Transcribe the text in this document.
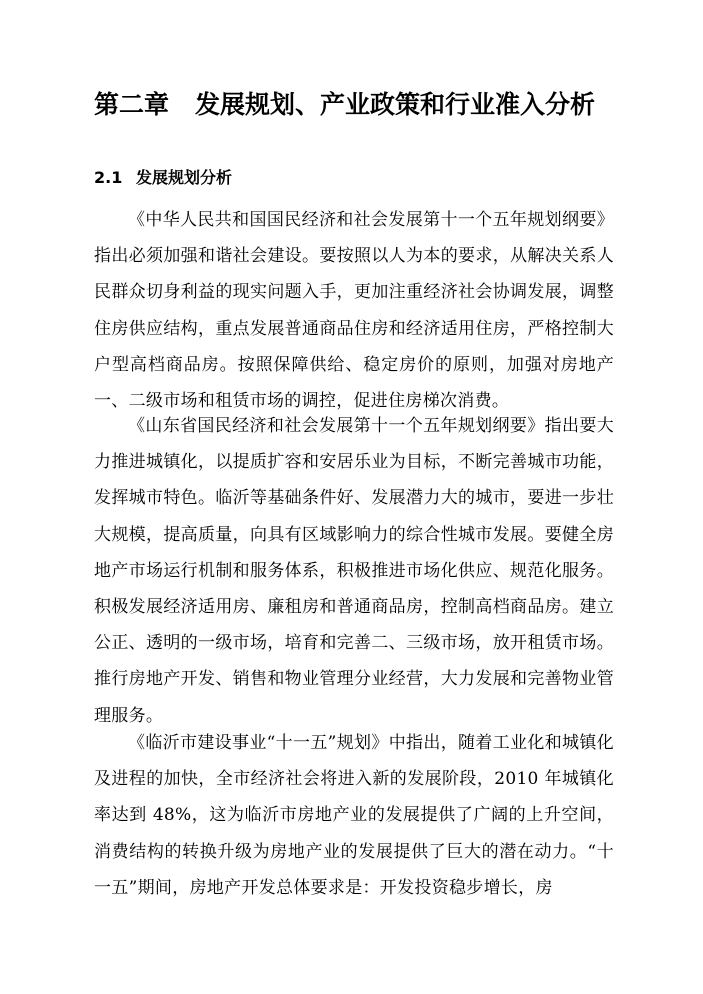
第二章 发展规划、产业政策和行业准入分析
2.1 发展规划分析

《中华人民共和国国民经济和社会发展第十一个五年规划纲要》指出必须加强和谐社会建设。要按照以人为本的要求，从解决关系人民群众切身利益的现实问题入手，更加注重经济社会协调发展，调整住房供应结构，重点发展普通商品住房和经济适用住房，严格控制大户型高档商品房。按照保障供给、稳定房价的原则，加强对房地产一、二级市场和租赁市场的调控，促进住房梯次消费。

《山东省国民经济和社会发展第十一个五年规划纲要》指出要大力推进城镇化，以提质扩容和安居乐业为目标，不断完善城市功能，发挥城市特色。临沂等基础条件好、发展潜力大的城市，要进一步壮大规模，提高质量，向具有区域影响力的综合性城市发展。要健全房地产市场运行机制和服务体系，积极推进市场化供应、规范化服务。积极发展经济适用房、廉租房和普通商品房，控制高档商品房。建立公正、透明的一级市场，培育和完善二、三级市场，放开租赁市场。推行房地产开发、销售和物业管理分业经营，大力发展和完善物业管理服务。

《临沂市建设事业“十一五”规划》中指出，随着工业化和城镇化及进程的加快，全市经济社会将进入新的发展阶段，2010 年城镇化率达到 48%，这为临沂市房地产业的发展提供了广阔的上升空间，消费结构的转换升级为房地产业的发展提供了巨大的潜在动力。“十一五”期间，房地产开发总体要求是：开发投资稳步增长，房
